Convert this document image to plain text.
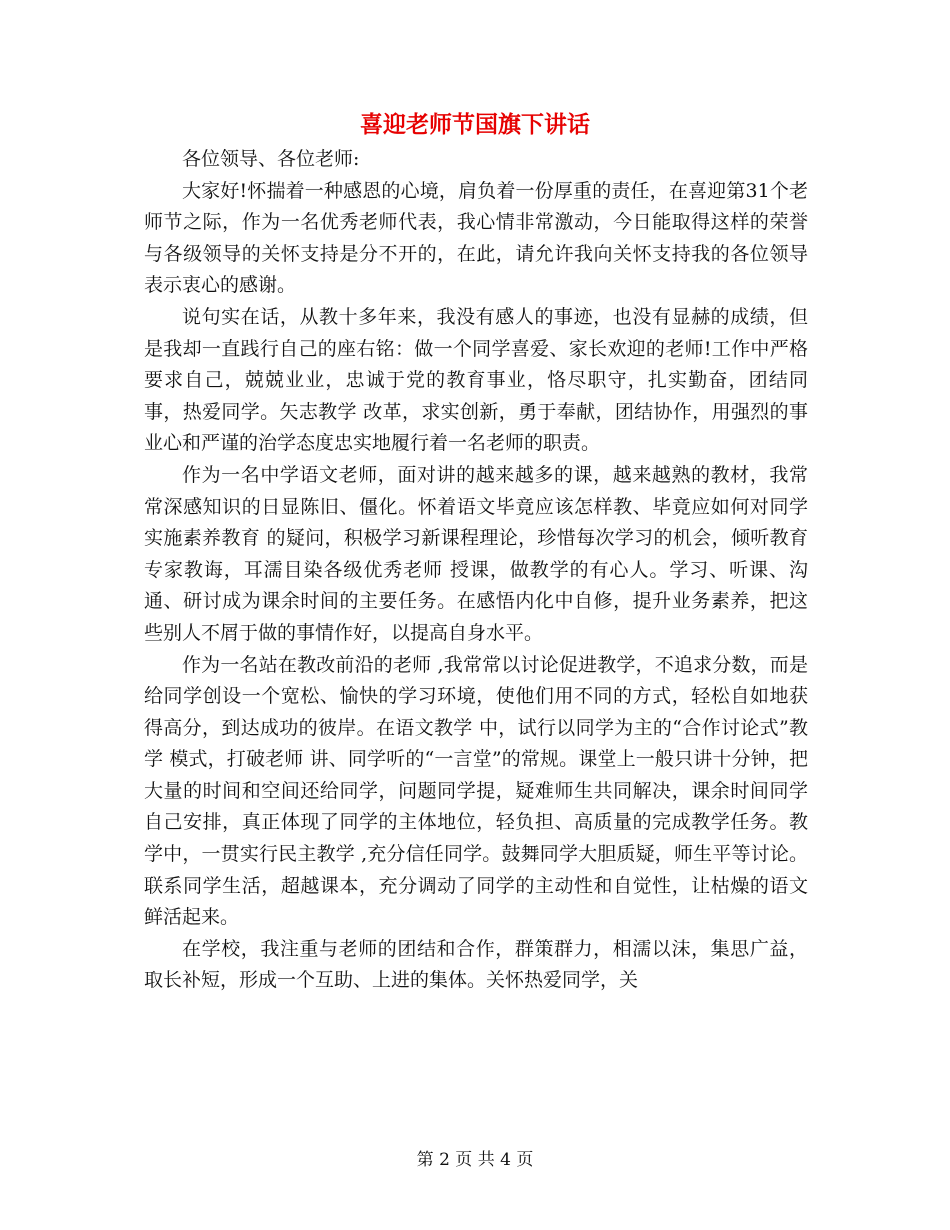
喜迎老师节国旗下讲话

各位领导、各位老师:

大家好!怀揣着一种感恩的心境，肩负着一份厚重的责任，在喜迎第31个老师节之际，作为一名优秀老师代表，我心情非常激动，今日能取得这样的荣誉与各级领导的关怀支持是分不开的，在此，请允许我向关怀支持我的各位领导表示衷心的感谢。

说句实在话，从教十多年来，我没有感人的事迹，也没有显赫的成绩，但是我却一直践行自己的座右铭：做一个同学喜爱、家长欢迎的老师!工作中严格要求自己，兢兢业业，忠诚于党的教育事业，恪尽职守，扎实勤奋，团结同事，热爱同学。矢志教学 改革，求实创新，勇于奉献，团结协作，用强烈的事业心和严谨的治学态度忠实地履行着一名老师的职责。

作为一名中学语文老师，面对讲的越来越多的课，越来越熟的教材，我常常深感知识的日显陈旧、僵化。怀着语文毕竟应该怎样教、毕竟应如何对同学实施素养教育 的疑问，积极学习新课程理论，珍惜每次学习的机会，倾听教育 专家教诲，耳濡目染各级优秀老师 授课，做教学的有心人。学习、听课、沟通、研讨成为课余时间的主要任务。在感悟内化中自修，提升业务素养，把这些别人不屑于做的事情作好，以提高自身水平。

作为一名站在教改前沿的老师 ,我常常以讨论促进教学，不追求分数，而是给同学创设一个宽松、愉快的学习环境，使他们用不同的方式，轻松自如地获得高分，到达成功的彼岸。在语文教学 中，试行以同学为主的“合作讨论式”教学 模式，打破老师 讲、同学听的“一言堂”的常规。课堂上一般只讲十分钟，把大量的时间和空间还给同学，问题同学提，疑难师生共同解决，课余时间同学自己安排，真正体现了同学的主体地位，轻负担、高质量的完成教学任务。教学中，一贯实行民主教学 ,充分信任同学。鼓舞同学大胆质疑，师生平等讨论。联系同学生活，超越课本，充分调动了同学的主动性和自觉性，让枯燥的语文鲜活起来。

在学校，我注重与老师的团结和合作，群策群力，相濡以沫，集思广益，取长补短，形成一个互助、上进的集体。关怀热爱同学，关

第 2 页 共 4 页
